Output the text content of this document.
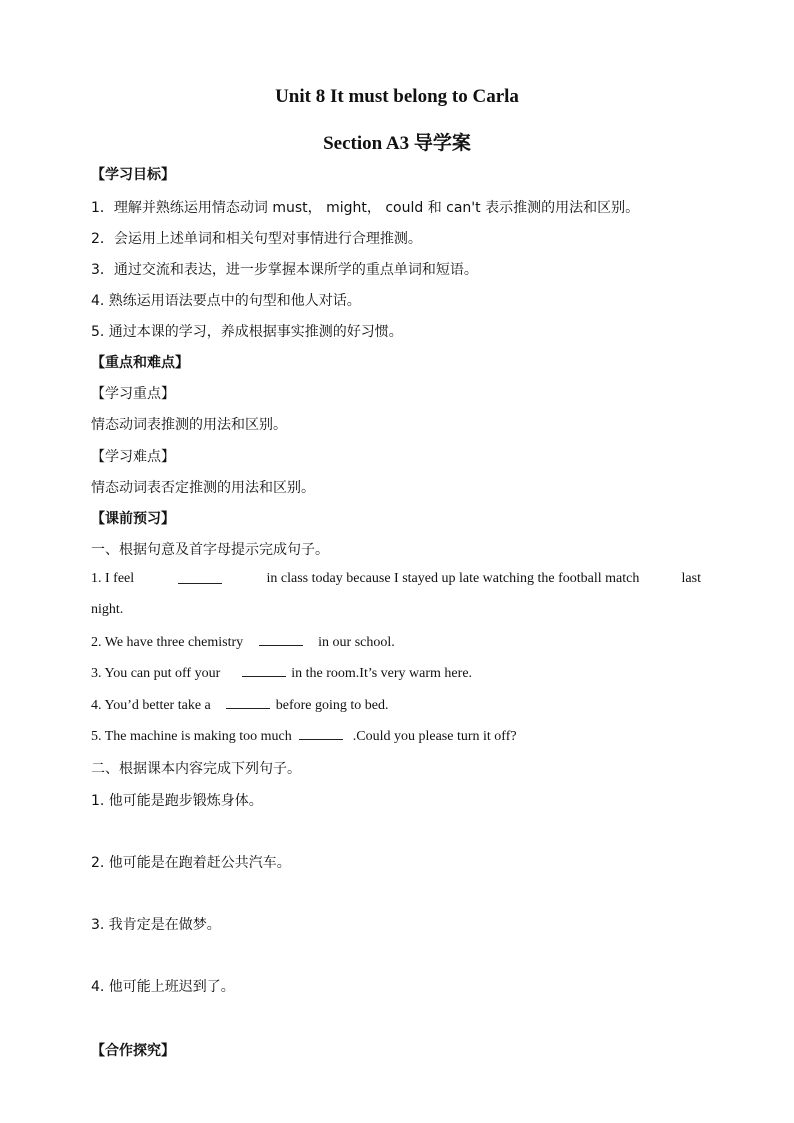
Unit 8 It must belong to Carla
Section A3 导学案
【学习目标】
1．理解并熟练运用情态动词 must， might， could 和 can't 表示推测的用法和区别。
2．会运用上述单词和相关句型对事情进行合理推测。
3．通过交流和表达，进一步掌握本课所学的重点单词和短语。
4. 熟练运用语法要点中的句型和他人对话。
5. 通过本课的学习，养成根据事实推测的好习惯。
【重点和难点】
【学习重点】
情态动词表推测的用法和区别。
【学习难点】
情态动词表否定推测的用法和区别。
【课前预习】
一、根据句意及首字母提示完成句子。
1. I feel	in class today because I stayed up late watching the football match	last
night.
2. We have three chemistry	in our school.
3. You can put off your	in the room.It’s very warm here.
4. You’d better take a	before going to bed.
5. The machine is making too much	.Could you please turn it off?
二、根据课本内容完成下列句子。
1. 他可能是跑步锻炼身体。
2. 他可能是在跑着赶公共汽车。
3. 我肯定是在做梦。
4. 他可能上班迟到了。
【合作探究】
